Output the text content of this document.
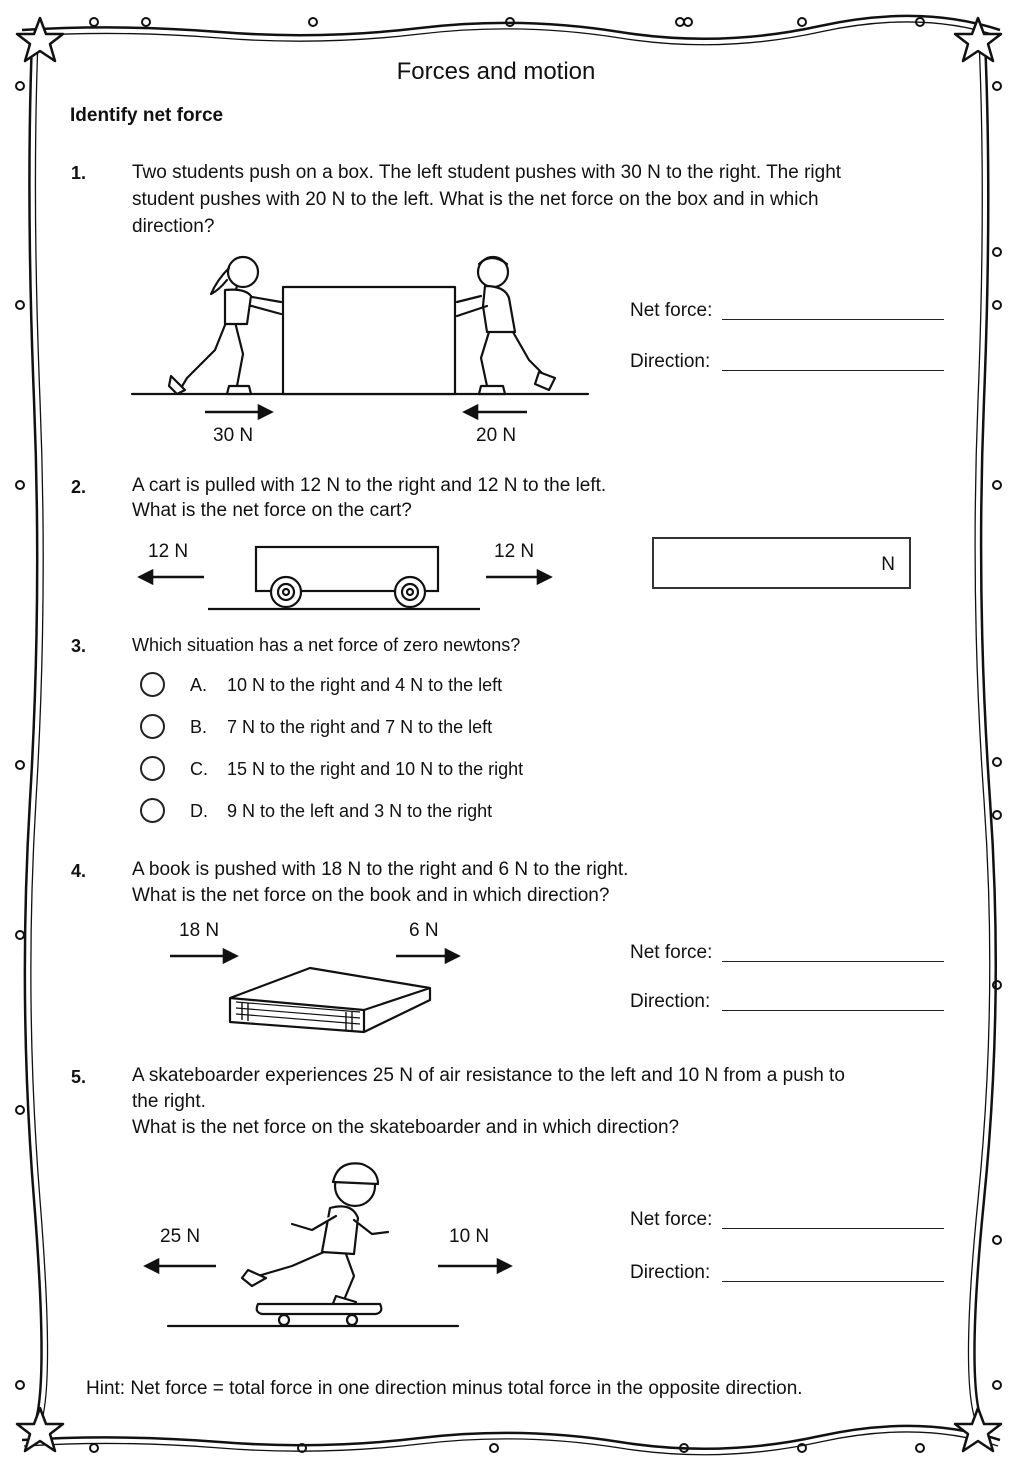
Forces and motion
Identify net force
1. Two students push on a box. The left student pushes with 30 N to the right. The right
student pushes with 20 N to the left. What is the net force on the box and in which
direction?
30 N	20 N
Net force:
Direction:
2. A cart is pulled with 12 N to the right and 12 N to the left.
What is the net force on the cart?
12 N	12 N
N
3.	Which situation has a net force of zero newtons?
A. 10 N to the right and 4 N to the left
B. 7 N to the right and 7 N to the left
C. 15 N to the right and 10 N to the right
D. 9 N to the left and 3 N to the right
4. A book is pushed with 18 N to the right and 6 N to the right.
What is the net force on the book and in which direction?
18 N	6 N
Net force:
Direction:
5. A skateboarder experiences 25 N of air resistance to the left and 10 N from a push to
the right.
What is the net force on the skateboarder and in which direction?
25 N	10 N
Net force:
Direction:
Hint: Net force = total force in one direction minus total force in the opposite direction.
